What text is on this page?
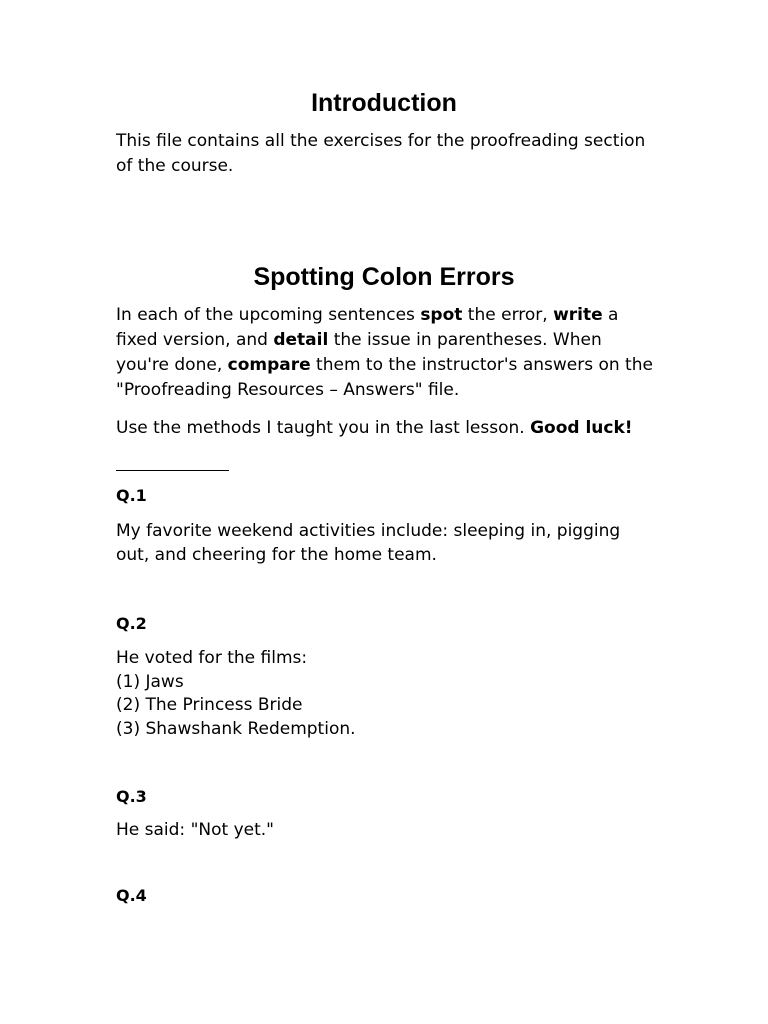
Introduction

This file contains all the exercises for the proofreading section of the course.

Spotting Colon Errors

In each of the upcoming sentences spot the error, write a fixed version, and detail the issue in parentheses. When you're done, compare them to the instructor's answers on the "Proofreading Resources – Answers" file.

Use the methods I taught you in the last lesson. Good luck!

Q.1

My favorite weekend activities include: sleeping in, pigging out, and cheering for the home team.

Q.2
He voted for the films:
(1) Jaws
(2) The Princess Bride
(3) Shawshank Redemption.
Q.3

He said: "Not yet."

Q.4
